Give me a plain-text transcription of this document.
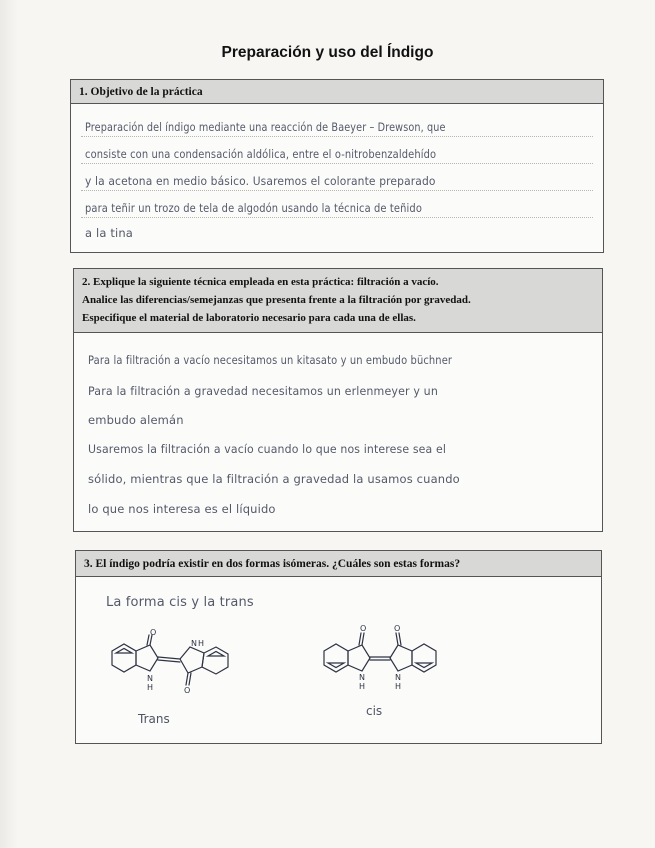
Preparación y uso del Índigo
1. Objetivo de la práctica
Preparación del índigo mediante una reacción de Baeyer – Drewson, que
consiste con una condensación aldólica, entre el o-nitrobenzaldehído
y la acetona en medio básico. Usaremos el colorante preparado
para teñir un trozo de tela de algodón usando la técnica de teñido
a la tina
2. Explique la siguiente técnica empleada en esta práctica: filtración a vacío.
Analice las diferencias/semejanzas que presenta frente a la filtración por gravedad.
Especifique el material de laboratorio necesario para cada una de ellas.
Para la filtración a vacío necesitamos un kitasato y un embudo büchner
Para la filtración a gravedad necesitamos un erlenmeyer y un
embudo alemán
Usaremos la filtración a vacío cuando lo que nos interese sea el
sólido, mientras que la filtración a gravedad la usamos cuando
lo que nos interesa es el líquido
3. El índigo podría existir en dos formas isómeras. ¿Cuáles son estas formas?
La forma cis y la trans
O
N
H
N H
O
Trans
O	O
N
H
N
H
cis
